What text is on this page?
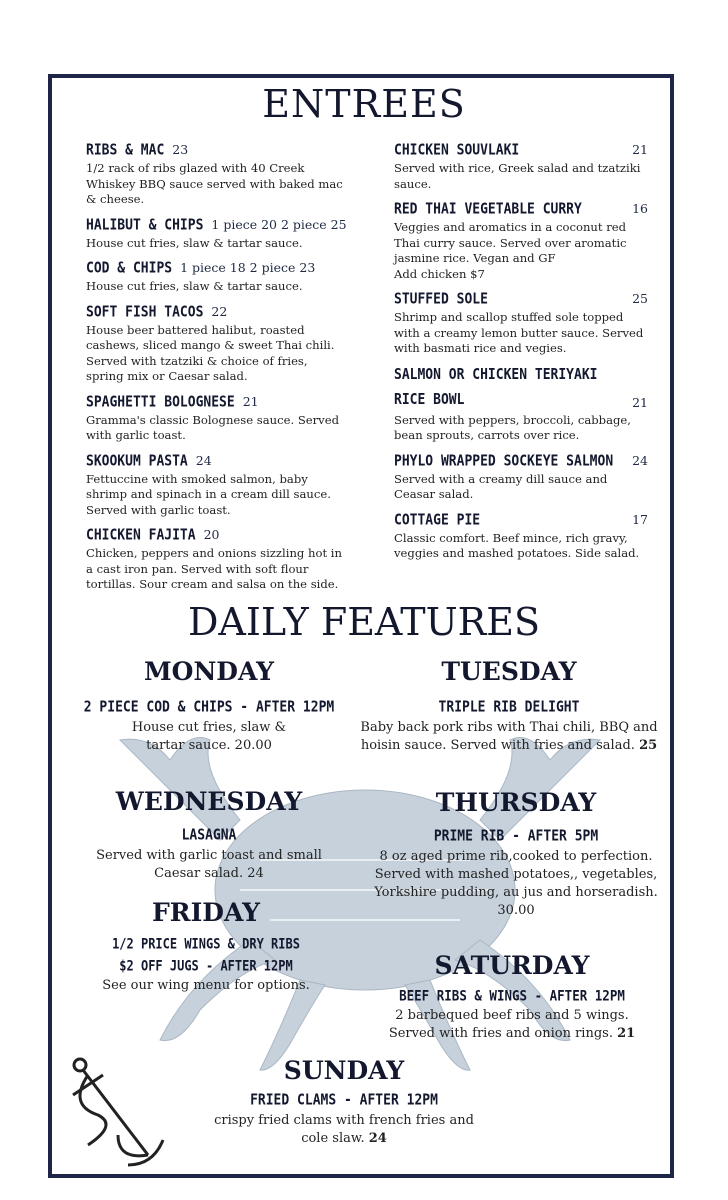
ENTREES
RIBS & MAC 23
1/2 rack of ribs glazed with 40 Creek Whiskey BBQ sauce served with baked mac & cheese.
HALIBUT & CHIPS 1 piece 20 2 piece 25
House cut fries, slaw & tartar sauce.
COD & CHIPS 1 piece 18 2 piece 23
House cut fries, slaw & tartar sauce.
SOFT FISH TACOS 22
House beer battered halibut, roasted cashews, sliced mango & sweet Thai chili. Served with tzatziki & choice of fries, spring mix or Caesar salad.
SPAGHETTI BOLOGNESE 21
Gramma's classic Bolognese sauce. Served with garlic toast.
SKOOKUM PASTA 24
Fettuccine with smoked salmon, baby shrimp and spinach in a cream dill sauce. Served with garlic toast.
CHICKEN FAJITA 20
Chicken, peppers and onions sizzling hot in a cast iron pan. Served with soft flour tortillas. Sour cream and salsa on the side.
CHICKEN SOUVLAKI	21
Served with rice, Greek salad and tzatziki sauce.
RED THAI VEGETABLE CURRY	16
Veggies and aromatics in a coconut red Thai curry sauce. Served over aromatic jasmine rice. Vegan and GF
Add chicken $7
STUFFED SOLE	25
Shrimp and scallop stuffed sole topped with a creamy lemon butter sauce. Served with basmati rice and vegies.
SALMON OR CHICKEN TERIYAKI RICE BOWL	21
Served with peppers, broccoli, cabbage, bean sprouts, carrots over rice.
PHYLO WRAPPED SOCKEYE SALMON 24
Served with a creamy dill sauce and Ceasar salad.
COTTAGE PIE	17
Classic comfort. Beef mince, rich gravy, veggies and mashed potatoes. Side salad.
DAILY FEATURES
MONDAY
2 PIECE COD & CHIPS - AFTER 12PM
House cut fries, slaw & tartar sauce. 20.00
TUESDAY
TRIPLE RIB DELIGHT
Baby back pork ribs with Thai chili, BBQ and hoisin sauce. Served with fries and salad. 25
WEDNESDAY
LASAGNA
Served with garlic toast and small Caesar salad. 24
THURSDAY
PRIME RIB - AFTER 5PM
8 oz aged prime rib,cooked to perfection. Served with mashed potatoes,, vegetables, Yorkshire pudding, au jus and horseradish. 30.00
FRIDAY
1/2 PRICE WINGS & DRY RIBS
$2 OFF JUGS - AFTER 12PM
See our wing menu for options.
SATURDAY
BEEF RIBS & WINGS - AFTER 12PM
2 barbequed beef ribs and 5 wings. Served with fries and onion rings. 21
SUNDAY
FRIED CLAMS - AFTER 12PM
crispy fried clams with french fries and cole slaw. 24
